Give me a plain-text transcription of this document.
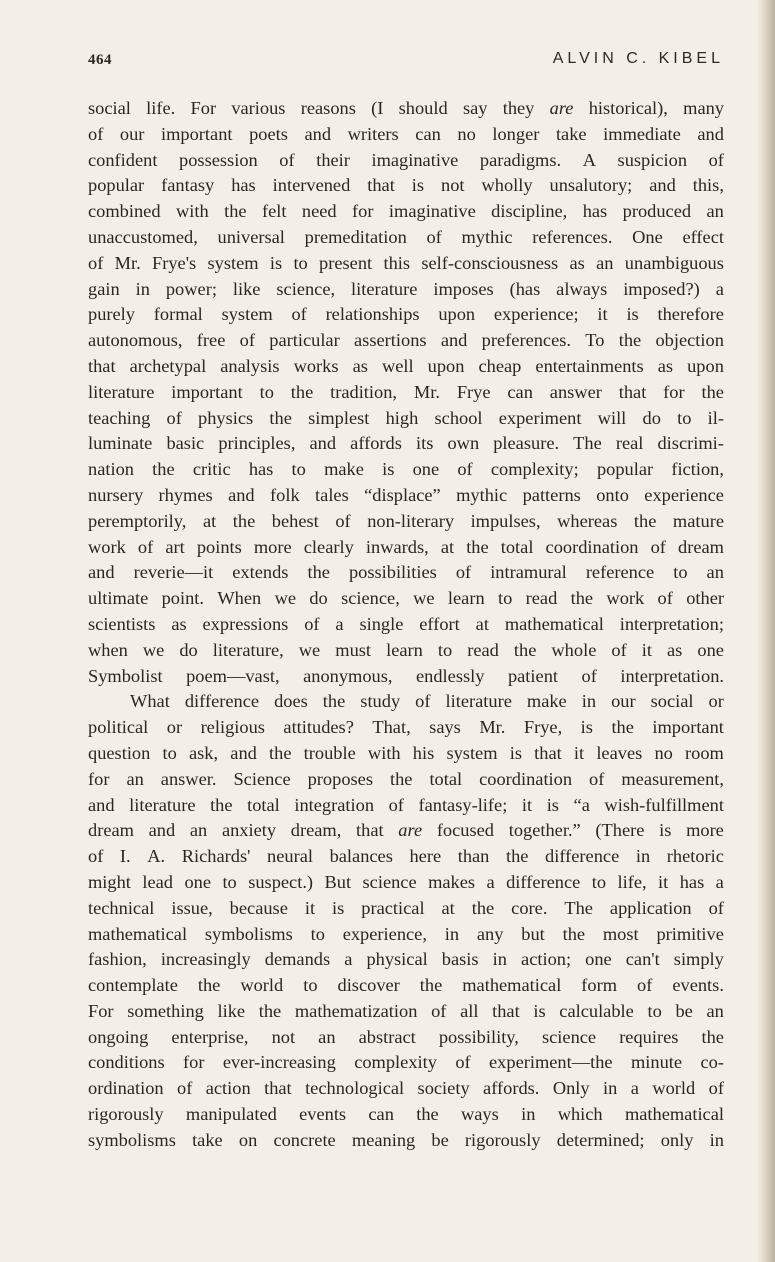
464	ALVIN C. KIBEL
social life. For various reasons (I should say they are historical), many
of our important poets and writers can no longer take immediate and
confident possession of their imaginative paradigms. A suspicion of
popular fantasy has intervened that is not wholly unsalutory; and this,
combined with the felt need for imaginative discipline, has produced an
unaccustomed, universal premeditation of mythic references. One effect
of Mr. Frye's system is to present this self-consciousness as an unambiguous
gain in power; like science, literature imposes (has always imposed?) a
purely formal system of relationships upon experience; it is therefore
autonomous, free of particular assertions and preferences. To the objection
that archetypal analysis works as well upon cheap entertainments as upon
literature important to the tradition, Mr. Frye can answer that for the
teaching of physics the simplest high school experiment will do to il-
luminate basic principles, and affords its own pleasure. The real discrimi-
nation the critic has to make is one of complexity; popular fiction,
nursery rhymes and folk tales “displace” mythic patterns onto experience
peremptorily, at the behest of non-literary impulses, whereas the mature
work of art points more clearly inwards, at the total coordination of dream
and reverie—it extends the possibilities of intramural reference to an
ultimate point. When we do science, we learn to read the work of other
scientists as expressions of a single effort at mathematical interpretation;
when we do literature, we must learn to read the whole of it as one
Symbolist poem—vast, anonymous, endlessly patient of interpretation.
What difference does the study of literature make in our social or
political or religious attitudes? That, says Mr. Frye, is the important
question to ask, and the trouble with his system is that it leaves no room
for an answer. Science proposes the total coordination of measurement,
and literature the total integration of fantasy-life; it is “a wish-fulfillment
dream and an anxiety dream, that are focused together.” (There is more
of I. A. Richards' neural balances here than the difference in rhetoric
might lead one to suspect.) But science makes a difference to life, it has a
technical issue, because it is practical at the core. The application of
mathematical symbolisms to experience, in any but the most primitive
fashion, increasingly demands a physical basis in action; one can't simply
contemplate the world to discover the mathematical form of events.
For something like the mathematization of all that is calculable to be an
ongoing enterprise, not an abstract possibility, science requires the
conditions for ever-increasing complexity of experiment—the minute co-
ordination of action that technological society affords. Only in a world of
rigorously manipulated events can the ways in which mathematical
symbolisms take on concrete meaning be rigorously determined; only in
